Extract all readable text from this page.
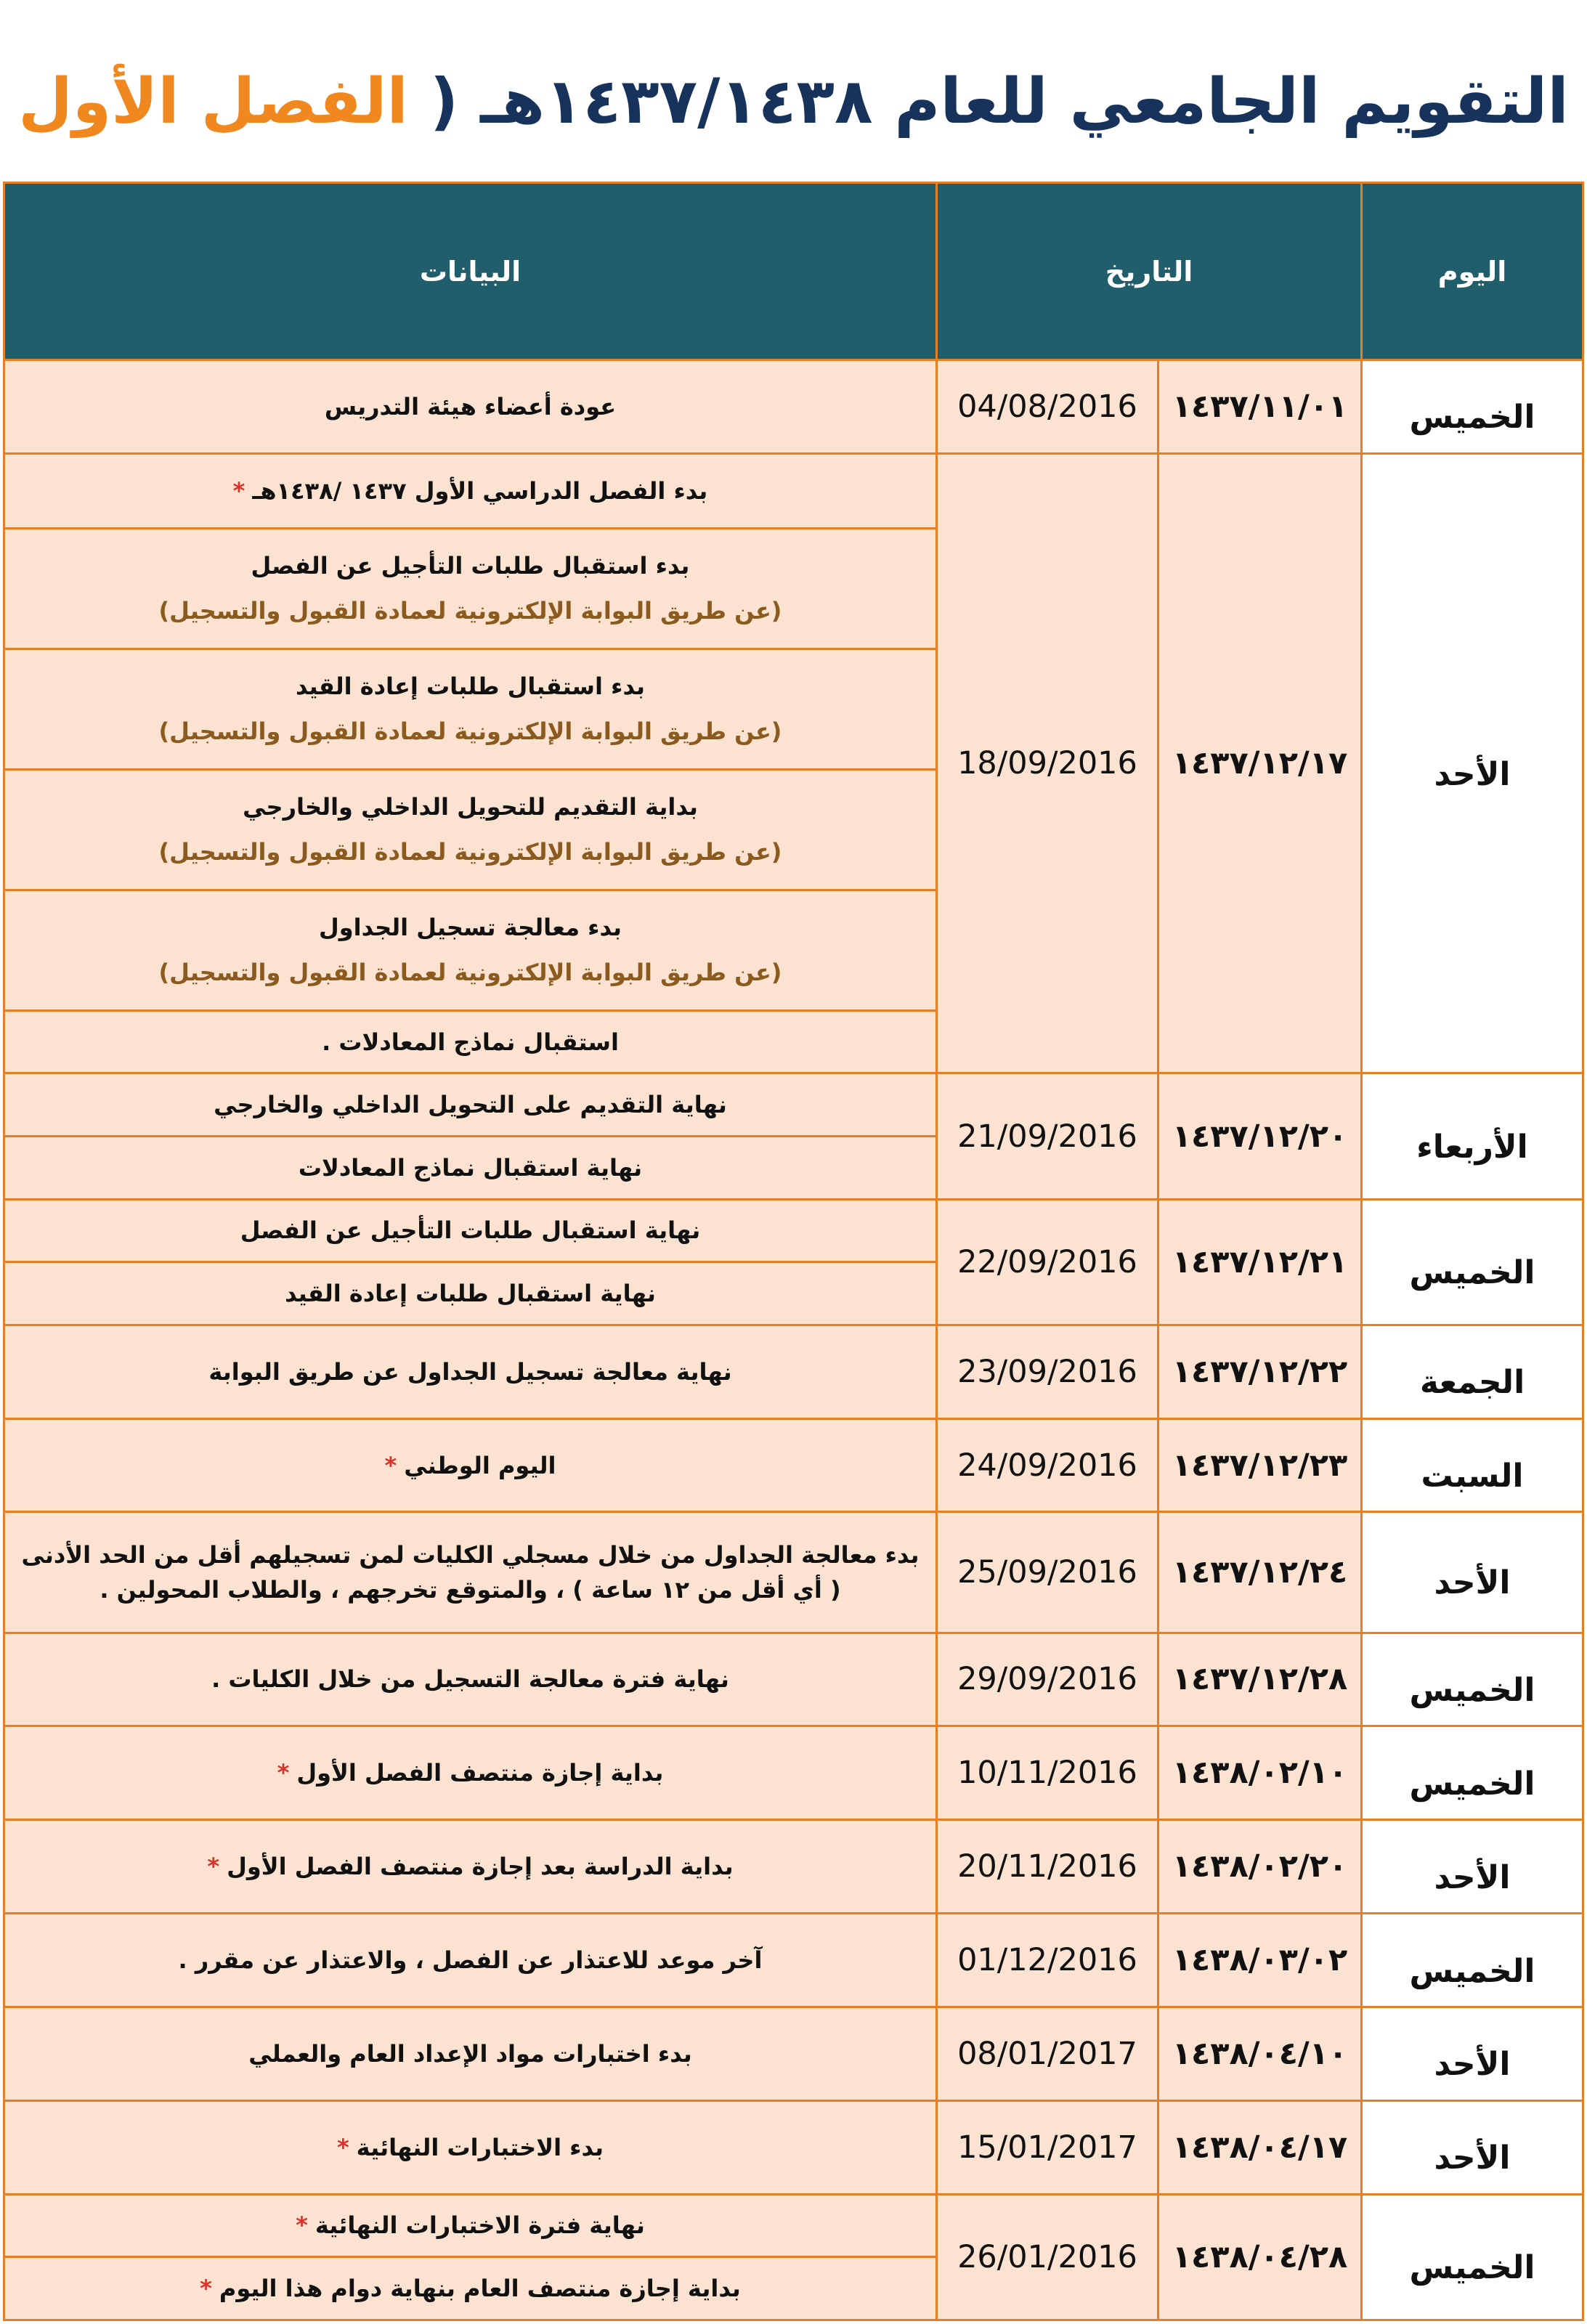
التقويم الجامعي للعام ١٤٣٧/١٤٣٨هـ ( الفصل الأول
اليوم	التاريخ		البيانات
الخميس	١٤٣٧/١١/٠١	04/08/2016	عودة أعضاء هيئة التدريس

الأحد	١٤٣٧/١٢/١٧	18/09/2016	بدء الفصل الدراسي الأول ١٤٣٧ /١٤٣٨هـ*

			بدء استقبال طلبات التأجيل عن الفصل
(عن طريق البوابة الإلكترونية لعمادة القبول والتسجيل)

			بدء استقبال طلبات إعادة القيد
(عن طريق البوابة الإلكترونية لعمادة القبول والتسجيل)

			بداية التقديم للتحويل الداخلي والخارجي
(عن طريق البوابة الإلكترونية لعمادة القبول والتسجيل)

			بدء معالجة تسجيل الجداول
(عن طريق البوابة الإلكترونية لعمادة القبول والتسجيل)

			استقبال نماذج المعادلات .

الأربعاء	١٤٣٧/١٢/٢٠	21/09/2016	نهاية التقديم على التحويل الداخلي والخارجي

			نهاية استقبال نماذج المعادلات

الخميس	١٤٣٧/١٢/٢١	22/09/2016	نهاية استقبال طلبات التأجيل عن الفصل

			نهاية استقبال طلبات إعادة القيد

الجمعة	١٤٣٧/١٢/٢٢	23/09/2016	نهاية معالجة تسجيل الجداول عن طريق البوابة

السبت	١٤٣٧/١٢/٢٣	24/09/2016	اليوم الوطني*

الأحد	١٤٣٧/١٢/٢٤	25/09/2016	بدء معالجة الجداول من خلال مسجلي الكليات لمن تسجيلهم أقل من الحد الأدنى
( أي أقل من ١٢ ساعة ) ، والمتوقع تخرجهم ، والطلاب المحولين .

الخميس	١٤٣٧/١٢/٢٨	29/09/2016	نهاية فترة معالجة التسجيل من خلال الكليات .

الخميس	١٤٣٨/٠٢/١٠	10/11/2016	بداية إجازة منتصف الفصل الأول*

الأحد	١٤٣٨/٠٢/٢٠	20/11/2016	بداية الدراسة بعد إجازة منتصف الفصل الأول*

الخميس	١٤٣٨/٠٣/٠٢	01/12/2016	آخر موعد للاعتذار عن الفصل ، والاعتذار عن مقرر .

الأحد	١٤٣٨/٠٤/١٠	08/01/2017	بدء اختبارات مواد الإعداد العام والعملي

الأحد	١٤٣٨/٠٤/١٧	15/01/2017	بدء الاختبارات النهائية*

الخميس	١٤٣٨/٠٤/٢٨	26/01/2016	نهاية فترة الاختبارات النهائية*

			بداية إجازة منتصف العام بنهاية دوام هذا اليوم*
